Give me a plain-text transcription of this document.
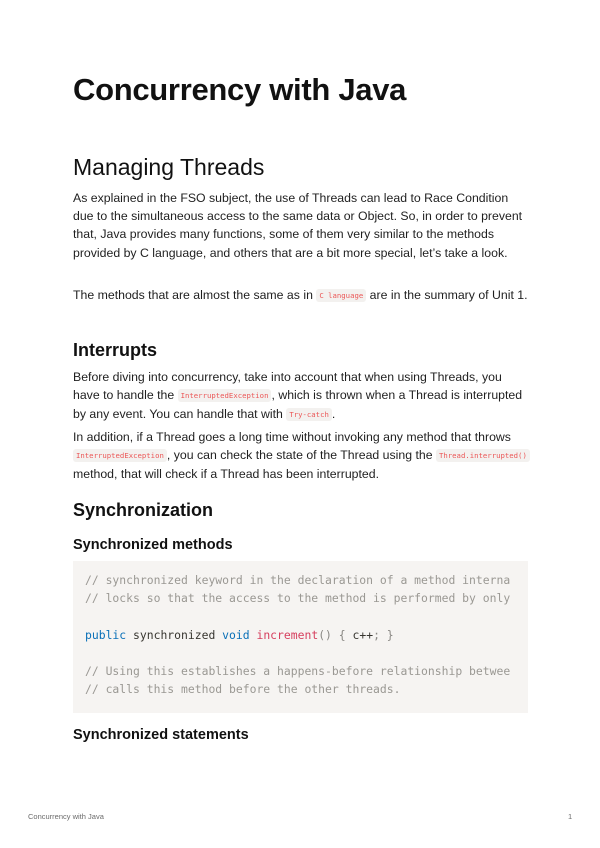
Concurrency with Java
Managing Threads

As explained in the FSO subject, the use of Threads can lead to Race Condition due to the simultaneous access to the same data or Object. So, in order to prevent that, Java provides many functions, some of them very similar to the methods provided by C language, and others that are a bit more special, let’s take a look.

The methods that are almost the same as in C language are in the summary of Unit 1.

Interrupts

Before diving into concurrency, take into account that when using Threads, you have to handle the InterruptedException , which is thrown when a Thread is interrupted by any event. You can handle that with Try-catch .

In addition, if a Thread goes a long time without invoking any method that throws InterruptedException , you can check the state of the Thread using the Thread.interrupted() method, that will check if a Thread has been interrupted.

Synchronization
Synchronized methods
// synchronized keyword in the declaration of a method interna
// locks so that the access to the method is performed by only

public synchronized void increment() { c++; }

// Using this establishes a happens-before relationship betwee
// calls this method before the other threads.
Synchronized statements
Concurrency with Java	1
